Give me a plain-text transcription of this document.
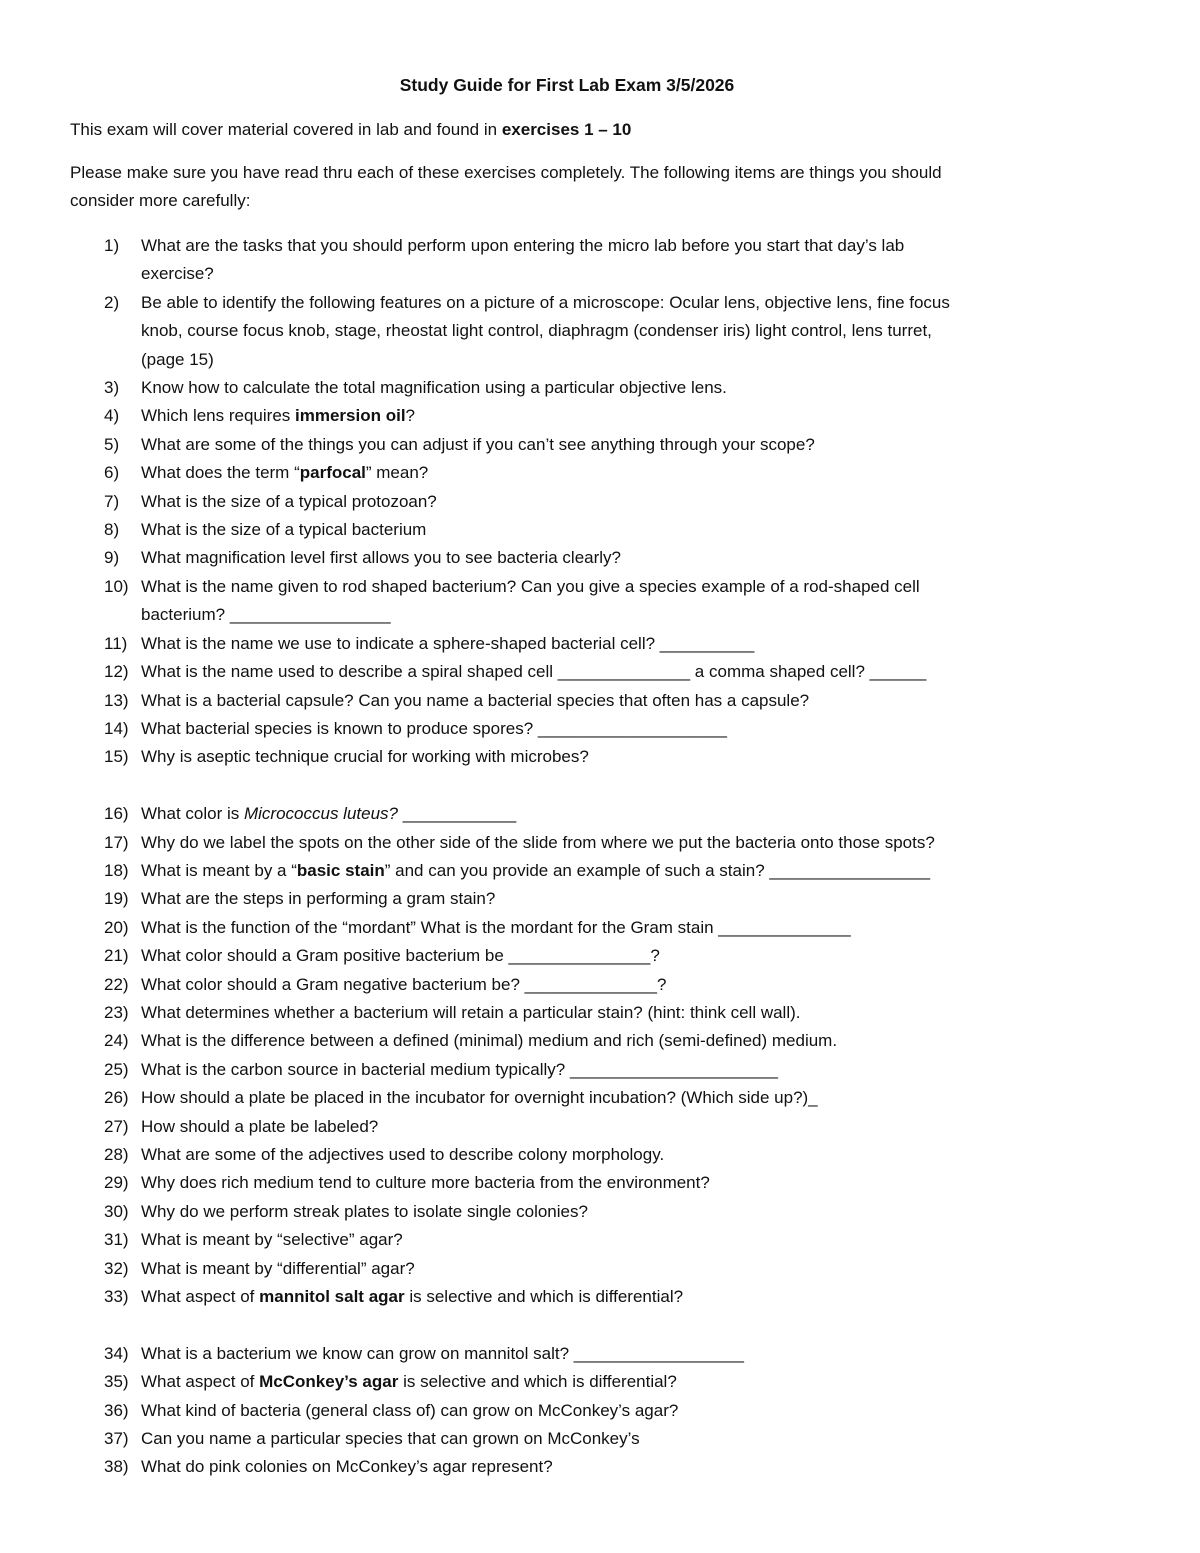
Study Guide for First Lab Exam 3/5/2026
This exam will cover material covered in lab and found in exercises 1 – 10
Please make sure you have read thru each of these exercises completely. The following items are things you should
consider more carefully:
1)	What are the tasks that you should perform upon entering the micro lab before you start that day’s lab
exercise?
2)	Be able to identify the following features on a picture of a microscope: Ocular lens, objective lens, fine focus
knob, course focus knob, stage, rheostat light control, diaphragm (condenser iris) light control, lens turret,
(page 15)
3)	Know how to calculate the total magnification using a particular objective lens.
4)	Which lens requires immersion oil?
5)	What are some of the things you can adjust if you can’t see anything through your scope?
6)	What does the term “parfocal” mean?
7)	What is the size of a typical protozoan?
8)	What is the size of a typical bacterium
9)	What magnification level first allows you to see bacteria clearly?
10) What is the name given to rod shaped bacterium? Can you give a species example of a rod-shaped cell
bacterium? _________________
11) What is the name we use to indicate a sphere-shaped bacterial cell? __________
12) What is the name used to describe a spiral shaped cell ______________ a comma shaped cell? ______
13) What is a bacterial capsule? Can you name a bacterial species that often has a capsule?
14) What bacterial species is known to produce spores? ____________________
15) Why is aseptic technique crucial for working with microbes?
16) What color is Micrococcus luteus? ____________
17) Why do we label the spots on the other side of the slide from where we put the bacteria onto those spots?
18) What is meant by a “basic stain” and can you provide an example of such a stain? _________________
19) What are the steps in performing a gram stain?
20) What is the function of the “mordant” What is the mordant for the Gram stain ______________
21) What color should a Gram positive bacterium be _______________?
22) What color should a Gram negative bacterium be? ______________?
23) What determines whether a bacterium will retain a particular stain? (hint: think cell wall).
24) What is the difference between a defined (minimal) medium and rich (semi-defined) medium.
25) What is the carbon source in bacterial medium typically? ______________________
26) How should a plate be placed in the incubator for overnight incubation? (Which side up?)_
27) How should a plate be labeled?
28) What are some of the adjectives used to describe colony morphology.
29) Why does rich medium tend to culture more bacteria from the environment?
30) Why do we perform streak plates to isolate single colonies?
31) What is meant by “selective” agar?
32) What is meant by “differential” agar?
33) What aspect of mannitol salt agar is selective and which is differential?
34) What is a bacterium we know can grow on mannitol salt? __________________
35) What aspect of McConkey’s agar is selective and which is differential?
36) What kind of bacteria (general class of) can grow on McConkey’s agar?
37) Can you name a particular species that can grown on McConkey’s
38) What do pink colonies on McConkey’s agar represent?
